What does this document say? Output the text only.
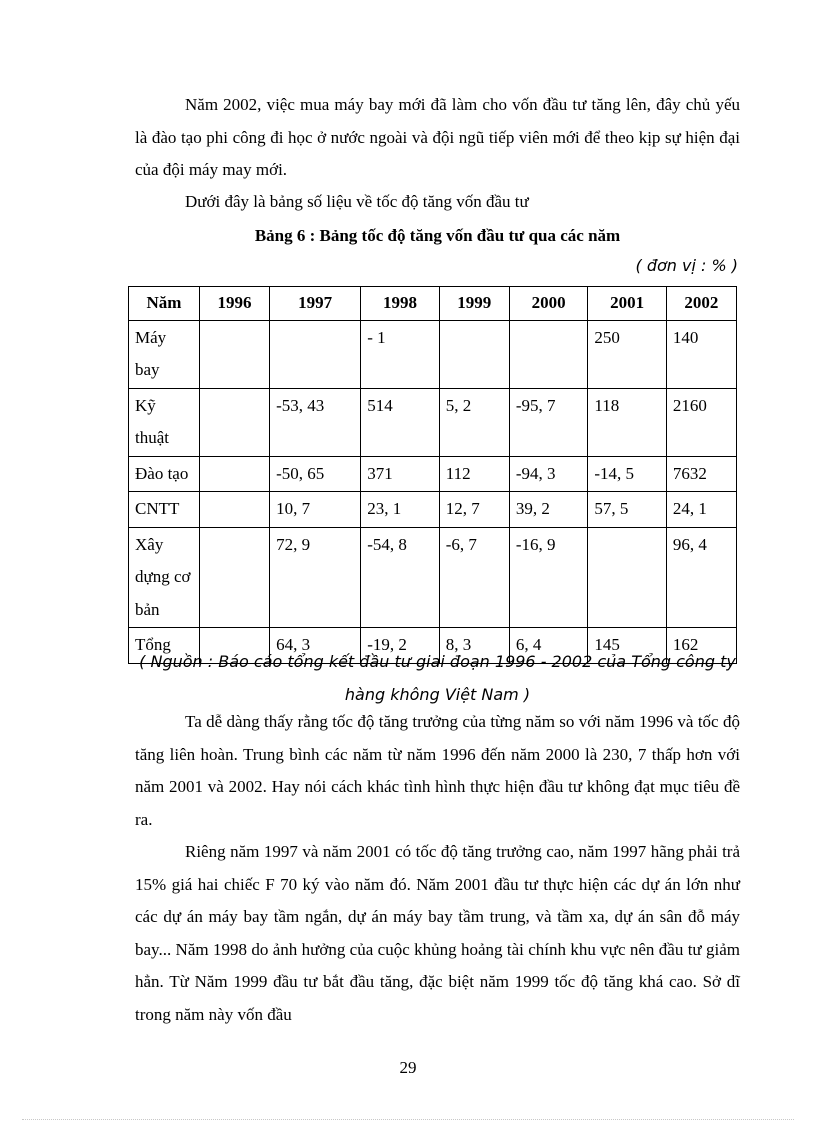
Năm 2002, việc mua máy bay mới đã làm cho vốn đầu tư tăng lên, đây chủ yếu là đào tạo phi công đi học ở nước ngoài và đội ngũ tiếp viên mới để theo kịp sự hiện đại của đội máy may mới.

Dưới đây là bảng số liệu về tốc độ tăng vốn đầu tư

Bảng 6 : Bảng tốc độ tăng vốn đầu tư qua các năm
( đơn vị : % )
Năm	1996	1997	1998	1999	2000	2001	2002
Máy bay			- 1			250	140
Kỹ thuật		-53, 43	514	5, 2	-95, 7	118	2160
Đào tạo		-50, 65	371	112	-94, 3	-14, 5	7632
CNTT		10, 7	23, 1	12, 7	39, 2	57, 5	24, 1
Xây dựng cơ bản		72, 9	-54, 8	-6, 7	-16, 9		96, 4
Tổng		64, 3	-19, 2	8, 3	6, 4	145	162
( Nguồn : Báo cáo tổng kết đầu tư giai đoạn 1996 - 2002 của Tổng công ty hàng không Việt Nam )

Ta dễ dàng thấy rằng tốc độ tăng trưởng của từng năm so với năm 1996 và tốc độ tăng liên hoàn. Trung bình các năm từ năm 1996 đến năm 2000 là 230, 7 thấp hơn với năm 2001 và 2002. Hay nói cách khác tình hình thực hiện đầu tư không đạt mục tiêu đề ra.

Riêng năm 1997 và năm 2001 có tốc độ tăng trưởng cao, năm 1997 hãng phải trả 15% giá hai chiếc F 70 ký vào năm đó. Năm 2001 đầu tư thực hiện các dự án lớn như các dự án máy bay tầm ngắn, dự án máy bay tầm trung, và tầm xa, dự án sân đỗ máy bay... Năm 1998 do ảnh hưởng của cuộc khủng hoảng tài chính khu vực nên đầu tư giảm hẳn. Từ Năm 1999 đầu tư bắt đầu tăng, đặc biệt năm 1999 tốc độ tăng khá cao. Sở dĩ trong năm này vốn đầu

29
